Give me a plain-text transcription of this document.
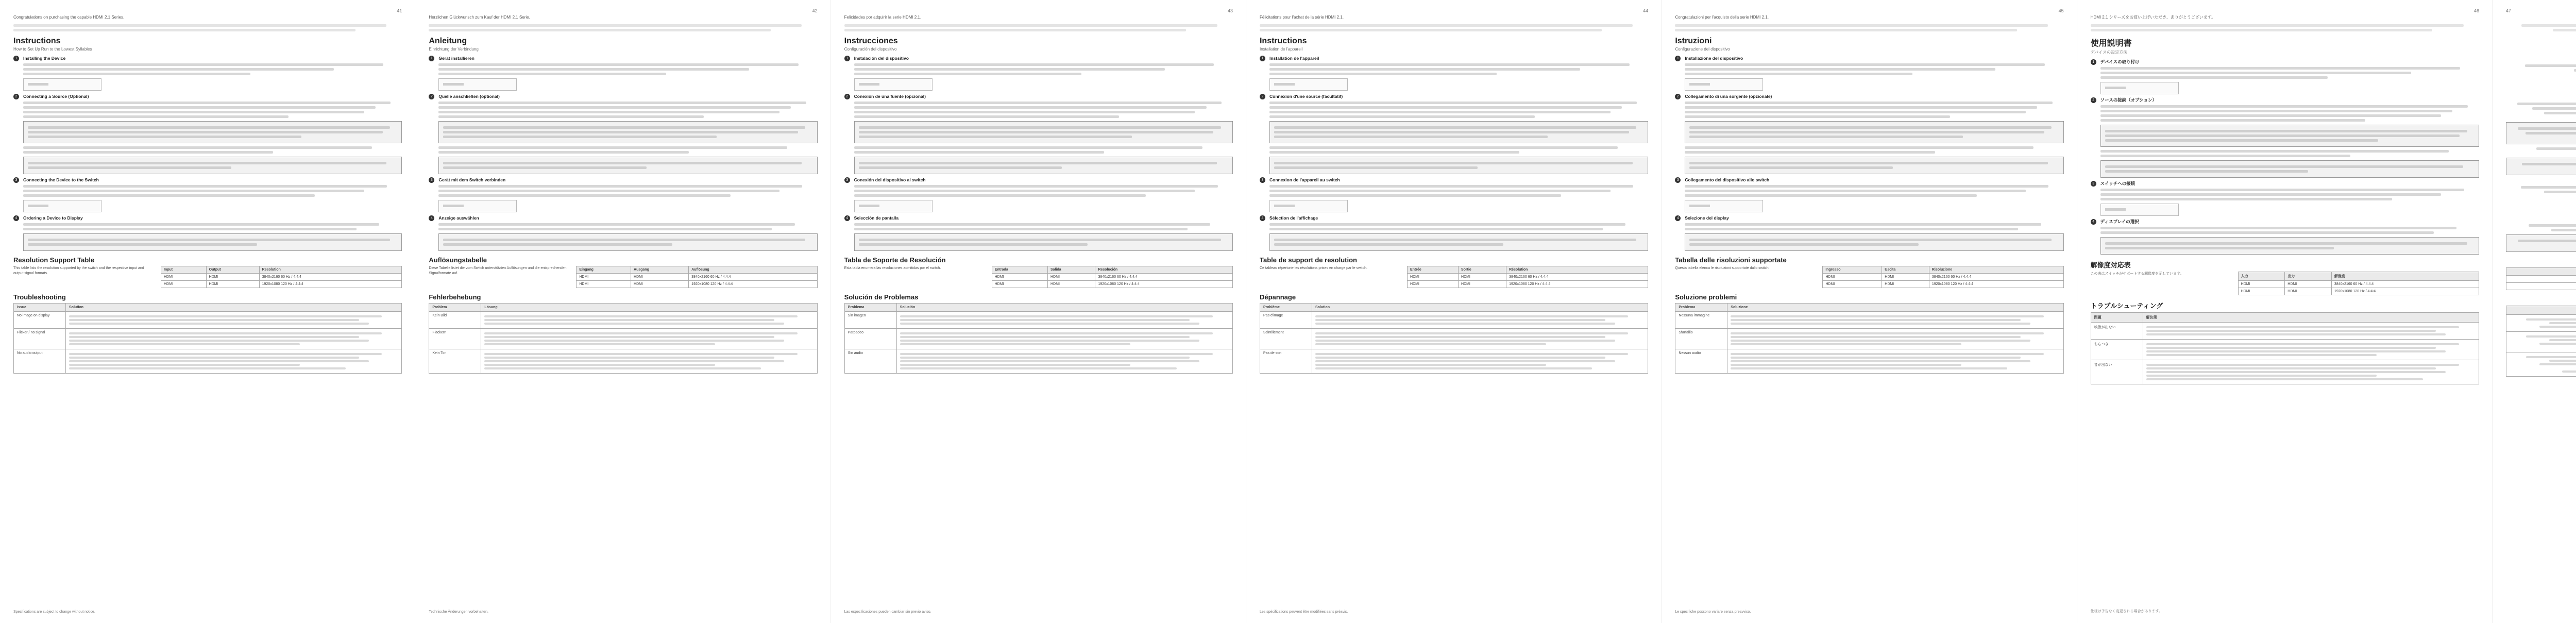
41

Congratulations on purchasing the capable HDMI 2.1 Series.

Instructions
How to Set Up Run to the Lowest Syllables
1	Installing the Device
2	Connecting a Source (Optional)
3	Connecting the Device to the Switch
4	Ordering a Device to Display
Resolution Support Table
This table lists the resolution supported by the switch and the respective input and output signal formats.
Input	Output	Resolution
HDMI	HDMI	3840x2160 60 Hz / 4:4:4
HDMI	HDMI	1920x1080 120 Hz / 4:4:4
Troubleshooting
Issue	Solution
No image on display	

Flicker / no signal	

No audio output	
Specifications are subject to change without notice.
42

Herzlichen Glückwunsch zum Kauf der HDMI 2.1 Serie.

Anleitung
Einrichtung der Verbindung
1	Gerät installieren
2	Quelle anschließen (optional)
3	Gerät mit dem Switch verbinden
4	Anzeige auswählen
Auflösungstabelle
Diese Tabelle listet die vom Switch unterstützten Auflösungen und die entsprechenden Signalformate auf.
Eingang	Ausgang	Auflösung
HDMI	HDMI	3840x2160 60 Hz / 4:4:4
HDMI	HDMI	1920x1080 120 Hz / 4:4:4
Fehlerbehebung
Problem	Lösung
Kein Bild	

Flackern	

Kein Ton	
Technische Änderungen vorbehalten.
43

Felicidades por adquirir la serie HDMI 2.1.

Instrucciones
Configuración del dispositivo
1	Instalación del dispositivo
2	Conexión de una fuente (opcional)
3	Conexión del dispositivo al switch
4	Selección de pantalla
Tabla de Soporte de Resolución
Esta tabla enumera las resoluciones admitidas por el switch.	Entrada	Salida	Resolución
HDMI	HDMI	3840x2160 60 Hz / 4:4:4
HDMI	HDMI	1920x1080 120 Hz / 4:4:4
Solución de Problemas
Problema	Solución
Sin imagen	

Parpadeo	

Sin audio	
Las especificaciones pueden cambiar sin previo aviso.
44

Félicitations pour l'achat de la série HDMI 2.1.

Instructions
Installation de l'appareil
1	Installation de l'appareil
2	Connexion d'une source (facultatif)
3	Connexion de l'appareil au switch
4	Sélection de l'affichage
Table de support de resolution
Ce tableau répertorie les résolutions prises en charge par le switch.	Entrée	Sortie	Résolution
HDMI	HDMI	3840x2160 60 Hz / 4:4:4
HDMI	HDMI	1920x1080 120 Hz / 4:4:4
Dépannage
Problème	Solution
Pas d'image	

Scintillement	

Pas de son	
Les spécifications peuvent être modifiées sans préavis.
45

Congratulazioni per l'acquisto della serie HDMI 2.1.

Istruzioni
Configurazione del dispositivo
1	Installazione del dispositivo
2	Collegamento di una sorgente (opzionale)
3	Collegamento del dispositivo allo switch
4	Selezione del display
Tabella delle risoluzioni supportate
Questa tabella elenca le risoluzioni supportate dallo switch.	Ingresso	Uscita	Risoluzione
HDMI	HDMI	3840x2160 60 Hz / 4:4:4
HDMI	HDMI	1920x1080 120 Hz / 4:4:4
Soluzione problemi
Problema	Soluzione
Nessuna immagine	

Sfarfallio	

Nessun audio	
Le specifiche possono variare senza preavviso.
46

HDMI 2.1 シリーズをお買い上げいただき、ありがとうございます。

使用説明書
デバイスの設定方法
1	デバイスの取り付け
2	ソースの接続（オプション）
3	スイッチへの接続
4	ディスプレイの選択
解像度対応表
この表はスイッチがサポートする解像度を示しています。
入力	出力	解像度
HDMI	HDMI	3840x2160 60 Hz / 4:4:4
HDMI	HDMI	1920x1080 120 Hz / 4:4:4
トラブルシューティング
問題	解決策
映像が出ない	

ちらつき	

音が出ない	
仕様は予告なく変更される場合があります。
47
